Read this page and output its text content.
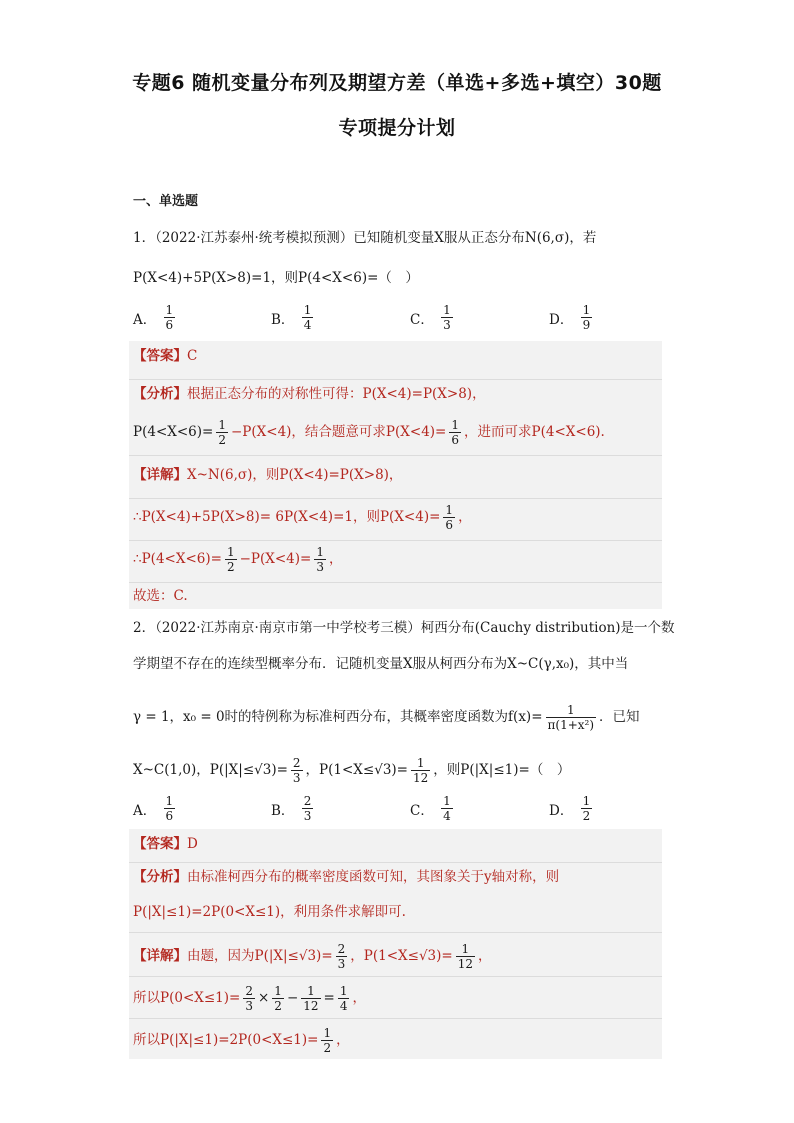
专题6 随机变量分布列及期望方差（单选+多选+填空）30题
专项提分计划
一、单选题
1．（2022·江苏泰州·统考模拟预测）已知随机变量X服从正态分布N(6,σ)，若
P(X<4)+5P(X>8)=1，则P(4<X<6)=（　）
A． $\frac{1}{6}$	B． $\frac{1}{4}$	C． $\frac{1}{3}$	D． $\frac{1}{9}$
【答案】C
【分析】根据正态分布的对称性可得：P(X<4)=P(X>8)，
$P(4<X<6)= \frac{1}{2} -P(X<4)$，结合题意可求$P(X<4)= \frac{1}{6}$ ，进而可求P(4<X<6).
【详解】X~N(6,σ)，则P(X<4)=P(X>8)，
∴P(X<4)+5P(X>8)= 6P(X<4)=1，则$P(X<4)= \frac{1}{6}$ ，
∴P(4<X<6)= $\frac{1}{2} -P(X<4)= \frac{1}{3}$ ，
故选：C.
2．（2022·江苏南京·南京市第一中学校考三模）柯西分布(Cauchy distribution)是一个数
学期望不存在的连续型概率分布．记随机变量X服从柯西分布为X~C(γ,x₀)，其中当
γ = 1，x₀ = 0时的特例称为标准柯西分布，其概率密度函数为$f(x)= \frac{1}{\text{π(1+x²)}}$ ．已知
X~C(1,0)，$P(|X|\le√3)= \frac{2}{3}$ ，$P(1<X\le√3)= \frac{1}{12}$ ，则P(|X|≤1)=（　）
A． $\frac{1}{6}$	B． $\frac{2}{3}$	C． $\frac{1}{4}$	D． $\frac{1}{2}$
【答案】D
【分析】由标准柯西分布的概率密度函数可知，其图象关于y轴对称，则
P(|X|≤1)=2P(0<X≤1)，利用条件求解即可.
【详解】由题，因为$P(|X|\le√3)= \frac{2}{3}$ ，$P(1<X\le√3)= \frac{1}{12}$ ，
所以$P(0<X\le 1)= \frac{2}{3} \times \frac{1}{2} - \frac{1}{12} = \frac{1}{4}$ ，
所以$P(|X|\le 1)=2P(0<X\le 1)= \frac{1}{2}$ ，
